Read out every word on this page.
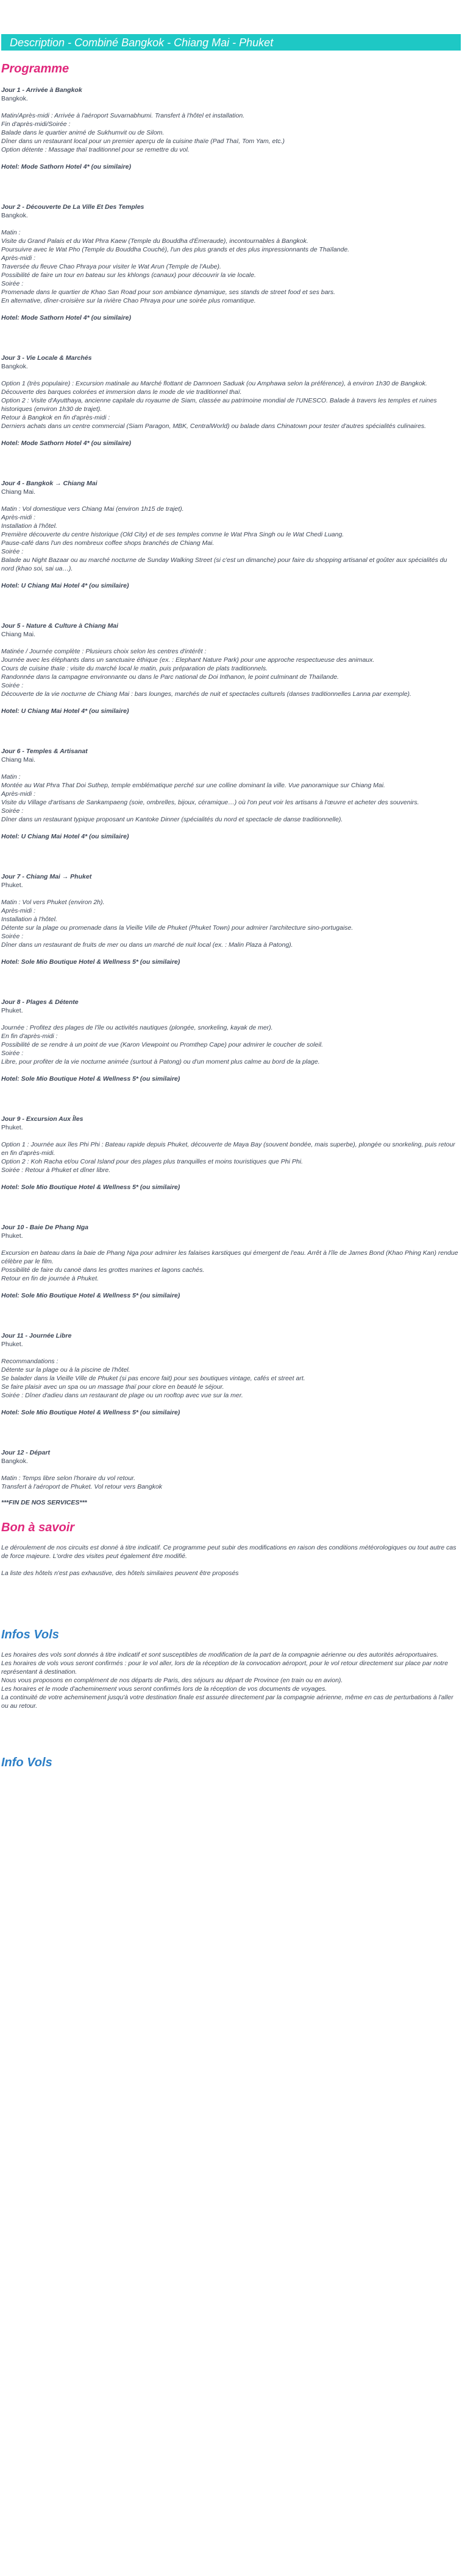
Description - Combiné Bangkok - Chiang Mai - Phuket
Programme

Jour 1 - Arrivée à Bangkok

Bangkok.

Matin/Après-midi : Arrivée à l'aéroport Suvarnabhumi. Transfert à l'hôtel et installation.

Fin d'après-midi/Soirée :

Balade dans le quartier animé de Sukhumvit ou de Silom.

Dîner dans un restaurant local pour un premier aperçu de la cuisine thaïe (Pad Thaï, Tom Yam, etc.)

Option détente : Massage thaï traditionnel pour se remettre du vol.

Hotel: Mode Sathorn Hotel 4* (ou similaire)

Jour 2 - Découverte De La Ville Et Des Temples

Bangkok.

Matin :

Visite du Grand Palais et du Wat Phra Kaew (Temple du Bouddha d'Émeraude), incontournables à Bangkok.

Poursuivre avec le Wat Pho (Temple du Bouddha Couché), l'un des plus grands et des plus impressionnants de Thaïlande.

Après-midi :

Traversée du fleuve Chao Phraya pour visiter le Wat Arun (Temple de l'Aube).

Possibilité de faire un tour en bateau sur les khlongs (canaux) pour découvrir la vie locale.

Soirée :

Promenade dans le quartier de Khao San Road pour son ambiance dynamique, ses stands de street food et ses bars.

En alternative, dîner-croisière sur la rivière Chao Phraya pour une soirée plus romantique.

Hotel: Mode Sathorn Hotel 4* (ou similaire)

Jour 3 - Vie Locale & Marchés

Bangkok.

Option 1 (très populaire) : Excursion matinale au Marché flottant de Damnoen Saduak (ou Amphawa selon la préférence), à environ 1h30 de Bangkok. Découverte des barques colorées et immersion dans le mode de vie traditionnel thaï.

Option 2 : Visite d'Ayutthaya, ancienne capitale du royaume de Siam, classée au patrimoine mondial de l'UNESCO. Balade à travers les temples et ruines historiques (environ 1h30 de trajet).

Retour à Bangkok en fin d'après-midi :

Derniers achats dans un centre commercial (Siam Paragon, MBK, CentralWorld) ou balade dans Chinatown pour tester d'autres spécialités culinaires.

Hotel: Mode Sathorn Hotel 4* (ou similaire)

Jour 4 - Bangkok → Chiang Mai

Chiang Mai.

Matin : Vol domestique vers Chiang Mai (environ 1h15 de trajet).

Après-midi :

Installation à l'hôtel.

Première découverte du centre historique (Old City) et de ses temples comme le Wat Phra Singh ou le Wat Chedi Luang.

Pause-café dans l'un des nombreux coffee shops branchés de Chiang Mai.

Soirée :

Balade au Night Bazaar ou au marché nocturne de Sunday Walking Street (si c'est un dimanche) pour faire du shopping artisanal et goûter aux spécialités du nord (khao soi, sai ua…).

Hotel: U Chiang Mai Hotel 4* (ou similaire)

Jour 5 - Nature & Culture à Chiang Mai

Chiang Mai.

Matinée / Journée complète : Plusieurs choix selon les centres d'intérêt :

Journée avec les éléphants dans un sanctuaire éthique (ex. : Elephant Nature Park) pour une approche respectueuse des animaux.

Cours de cuisine thaïe : visite du marché local le matin, puis préparation de plats traditionnels.

Randonnée dans la campagne environnante ou dans le Parc national de Doi Inthanon, le point culminant de Thaïlande.

Soirée :

Découverte de la vie nocturne de Chiang Mai : bars lounges, marchés de nuit et spectacles culturels (danses traditionnelles Lanna par exemple).

Hotel: U Chiang Mai Hotel 4* (ou similaire)

Jour 6 - Temples & Artisanat

Chiang Mai.

Matin :

Montée au Wat Phra That Doi Suthep, temple emblématique perché sur une colline dominant la ville. Vue panoramique sur Chiang Mai.

Après-midi :

Visite du Village d'artisans de Sankampaeng (soie, ombrelles, bijoux, céramique…) où l'on peut voir les artisans à l'œuvre et acheter des souvenirs.

Soirée :

Dîner dans un restaurant typique proposant un Kantoke Dinner (spécialités du nord et spectacle de danse traditionnelle).

Hotel: U Chiang Mai Hotel 4* (ou similaire)

Jour 7 - Chiang Mai → Phuket

Phuket.

Matin : Vol vers Phuket (environ 2h).

Après-midi :

Installation à l'hôtel.

Détente sur la plage ou promenade dans la Vieille Ville de Phuket (Phuket Town) pour admirer l'architecture sino-portugaise.

Soirée :

Dîner dans un restaurant de fruits de mer ou dans un marché de nuit local (ex. : Malin Plaza à Patong).

Hotel: Sole Mio Boutique Hotel & Wellness 5* (ou similaire)

Jour 8 - Plages & Détente

Phuket.

Journée : Profitez des plages de l'île ou activités nautiques (plongée, snorkeling, kayak de mer).

En fin d'après-midi :

Possibilité de se rendre à un point de vue (Karon Viewpoint ou Promthep Cape) pour admirer le coucher de soleil.

Soirée :

Libre, pour profiter de la vie nocturne animée (surtout à Patong) ou d'un moment plus calme au bord de la plage.

Hotel: Sole Mio Boutique Hotel & Wellness 5* (ou similaire)

Jour 9 - Excursion Aux Îles

Phuket.

Option 1 : Journée aux îles Phi Phi : Bateau rapide depuis Phuket, découverte de Maya Bay (souvent bondée, mais superbe), plongée ou snorkeling, puis retour en fin d'après-midi.

Option 2 : Koh Racha et/ou Coral Island pour des plages plus tranquilles et moins touristiques que Phi Phi.

Soirée : Retour à Phuket et dîner libre.

Hotel: Sole Mio Boutique Hotel & Wellness 5* (ou similaire)

Jour 10 - Baie De Phang Nga

Phuket.

Excursion en bateau dans la baie de Phang Nga pour admirer les falaises karstiques qui émergent de l'eau. Arrêt à l'île de James Bond (Khao Phing Kan) rendue célèbre par le film.

Possibilité de faire du canoë dans les grottes marines et lagons cachés.

Retour en fin de journée à Phuket.

Hotel: Sole Mio Boutique Hotel & Wellness 5* (ou similaire)

Jour 11 - Journée Libre

Phuket.

Recommandations :

Détente sur la plage ou à la piscine de l'hôtel.

Se balader dans la Vieille Ville de Phuket (si pas encore fait) pour ses boutiques vintage, cafés et street art.

Se faire plaisir avec un spa ou un massage thaï pour clore en beauté le séjour.

Soirée : Dîner d'adieu dans un restaurant de plage ou un rooftop avec vue sur la mer.

Hotel: Sole Mio Boutique Hotel & Wellness 5* (ou similaire)

Jour 12 - Départ

Bangkok.

Matin : Temps libre selon l'horaire du vol retour.

Transfert à l'aéroport de Phuket. Vol retour vers Bangkok

***FIN DE NOS SERVICES***

Bon à savoir

Le déroulement de nos circuits est donné à titre indicatif. Ce programme peut subir des modifications en raison des conditions météorologiques ou tout autre cas de force majeure. L'ordre des visites peut également être modifié.

La liste des hôtels n'est pas exhaustive, des hôtels similaires peuvent être proposés

Infos Vols

Les horaires des vols sont donnés à titre indicatif et sont susceptibles de modification de la part de la compagnie aérienne ou des autorités aéroportuaires.

Les horaires de vols vous seront confirmés : pour le vol aller, lors de la réception de la convocation aéroport, pour le vol retour directement sur place par notre représentant à destination.

Nous vous proposons en complément de nos départs de Paris, des séjours au départ de Province (en train ou en avion).

Les horaires et le mode d'acheminement vous seront confirmés lors de la réception de vos documents de voyages.

La continuité de votre acheminement jusqu'à votre destination finale est assurée directement par la compagnie aérienne, même en cas de perturbations à l'aller ou au retour.

Info Vols
